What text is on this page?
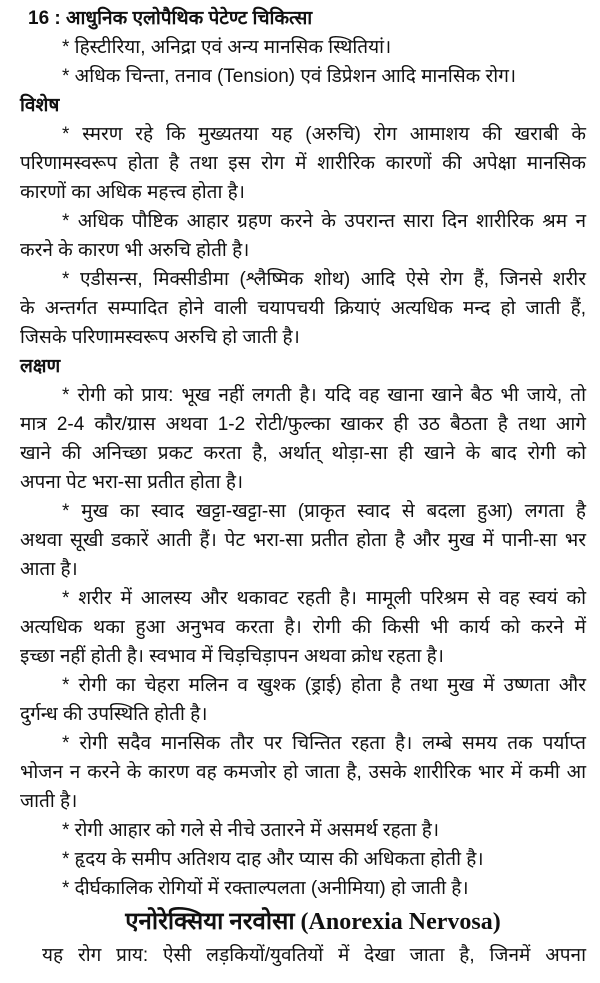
16 : आधुनिक एलोपैथिक पेटेण्ट चिकित्सा
* हिस्टीरिया, अनिद्रा एवं अन्य मानसिक स्थितियां।
* अधिक चिन्ता, तनाव (Tension) एवं डिप्रेशन आदि मानसिक रोग।
विशेष
* स्मरण रहे कि मुख्यतया यह (अरुचि) रोग आमाशय की खराबी के
परिणामस्वरूप होता है तथा इस रोग में शारीरिक कारणों की अपेक्षा मानसिक
कारणों का अधिक महत्त्व होता है।
* अधिक पौष्टिक आहार ग्रहण करने के उपरान्त सारा दिन शारीरिक श्रम न
करने के कारण भी अरुचि होती है।
* एडीसन्स, मिक्सीडीमा (श्लैष्मिक शोथ) आदि ऐसे रोग हैं, जिनसे शरीर
के अन्तर्गत सम्पादित होने वाली चयापचयी क्रियाएं अत्यधिक मन्द हो जाती हैं,
जिसके परिणामस्वरूप अरुचि हो जाती है।
लक्षण
* रोगी को प्राय: भूख नहीं लगती है। यदि वह खाना खाने बैठ भी जाये, तो
मात्र 2-4 कौर/ग्रास अथवा 1-2 रोटी/फुल्का खाकर ही उठ बैठता है तथा आगे
खाने की अनिच्छा प्रकट करता है, अर्थात् थोड़ा-सा ही खाने के बाद रोगी को
अपना पेट भरा-सा प्रतीत होता है।
* मुख का स्वाद खट्टा-खट्टा-सा (प्राकृत स्वाद से बदला हुआ) लगता है
अथवा सूखी डकारें आती हैं। पेट भरा-सा प्रतीत होता है और मुख में पानी-सा भर
आता है।
* शरीर में आलस्य और थकावट रहती है। मामूली परिश्रम से वह स्वयं को
अत्यधिक थका हुआ अनुभव करता है। रोगी की किसी भी कार्य को करने में
इच्छा नहीं होती है। स्वभाव में चिड़चिड़ापन अथवा क्रोध रहता है।
* रोगी का चेहरा मलिन व खुश्क (ड्राई) होता है तथा मुख में उष्णता और
दुर्गन्ध की उपस्थिति होती है।
* रोगी सदैव मानसिक तौर पर चिन्तित रहता है। लम्बे समय तक पर्याप्त
भोजन न करने के कारण वह कमजोर हो जाता है, उसके शारीरिक भार में कमी आ
जाती है।
* रोगी आहार को गले से नीचे उतारने में असमर्थ रहता है।
* हृदय के समीप अतिशय दाह और प्यास की अधिकता होती है।
* दीर्घकालिक रोगियों में रक्ताल्पलता (अनीमिया) हो जाती है।
एनोरेक्सिया नरवोसा (Anorexia Nervosa)
यह रोग प्राय: ऐसी लड़कियों/युवतियों में देखा जाता है, जिनमें अपना
